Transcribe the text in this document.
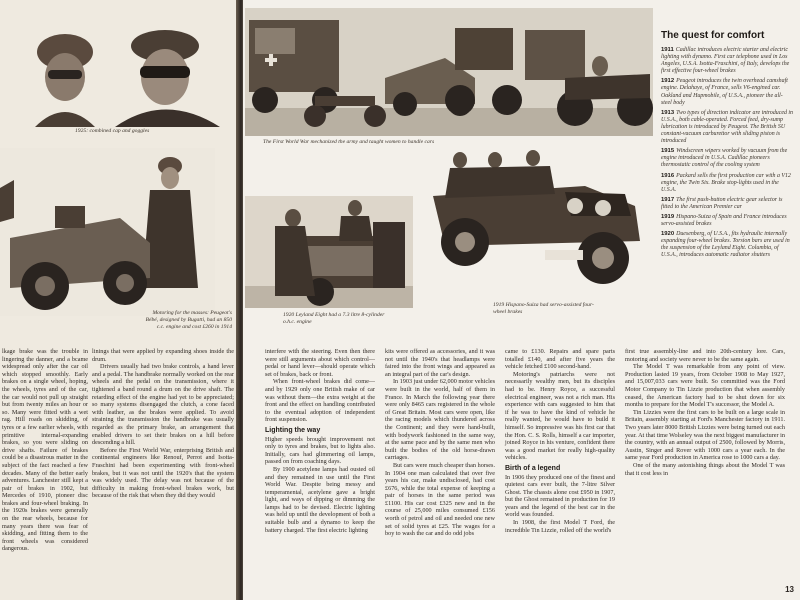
1925: combined cap and goggles
Motoring for the masses: Peugeot's Bébé, designed by Bugatti, had an 850 c.c. engine and cost £260 in 1914

lkage brake was the trouble in lingering the danner, and a bcame widespread only after the car oil which stopped smoothly. Early brakes on a single wheel, hoping, the wheels, tyres and of the car, the car would not pull up straight but from twenty miles an hour or so. Many were fitted with a wet rag. Hill roads on skidding, of tyres or a few earlier wheels, with primitive internal-expanding brakes, so you were sliding on drive shafts. Failure of brakes could be a disastrous matter in the subject of the fact reached a few decades. Many of the better early adventures. Lanchester still kept a pair of brakes in 1902, but Mercedes of 1910, pioneer disc brakes and four-wheel braking. In the 1920s brakes were generally on the rear wheels, because for many years there was fear of skidding, and fitting them to the front wheels was considered dangerous.

linings that were applied by expanding shoes inside the drum.

Drivers usually had two brake controls, a hand lever and a pedal. The handbrake normally worked on the rear wheels and the pedal on the transmission, where it tightened a band round a drum on the drive shaft. The retarding effect of the engine had yet to be appreciated; so many systems disengaged the clutch, a cone faced with leather, as the brakes were applied. To avoid straining the transmission the handbrake was usually regarded as the primary brake, an arrangement that enabled drivers to set their brakes on a hill before descending a hill.

Before the First World War, enterprising British and continental engineers like Renouf, Perrot and Isotta-Fraschini had been experimenting with front-wheel brakes, but it was not until the 1920's that the system was widely used. The delay was not because of the difficulty in making front-wheel brakes work, but because of the risk that when they did they would

The First World War mechanized the army and taught women to handle cars
1920 Leyland Eight had a 7.3 litre 8-cylinder o.h.c. engine
1919 Hispano-Suiza had servo-assisted four-wheel brakes

interfere with the steering. Even then there were still arguments about which control—pedal or hand lever—should operate which set of brakes, back or front.

When front-wheel brakes did come—and by 1929 only one British make of car was without them—the extra weight at the front and the effect on handling contributed to the eventual adoption of independent front suspension.

Lighting the way

Higher speeds brought improvement not only to tyres and brakes, but to lights also. Initially, cars had glimmering oil lamps, passed on from coaching days.

By 1900 acetylene lamps had ousted oil and they remained in use until the First World War. Despite being messy and temperamental, acetylene gave a bright light, and ways of dipping or dimming the lamps had to be devised. Electric lighting was held up until the development of both a suitable bulb and a dynamo to keep the battery charged. The first electric lighting

kits were offered as accessories, and it was not until the 1940's that headlamps were faired into the front wings and appeared as an integral part of the car's design.

In 1903 just under 62,000 motor vehicles were built in the world, half of them in France. In March the following year there were only 8465 cars registered in the whole of Great Britain. Most cars were open, like the racing models which thundered across the Continent; and they were hand-built, with bodywork fashioned in the same way, at the same pace and by the same men who built the bodies of the old horse-drawn carriages.

But cars were much cheaper than horses. In 1904 one man calculated that over five years his car, make undisclosed, had cost £676, while the total expense of keeping a pair of horses in the same period was £1100. His car cost £325 new and in the course of 25,000 miles consumed £156 worth of petrol and oil and needed one new set of solid tyres at £25. The wages for a boy to wash the car and do odd jobs

came to £130. Repairs and spare parts totalled £140, and after five years the vehicle fetched £100 second-hand.

Motoring's patriarchs were not necessarily wealthy men, but its disciples had to be. Henry Royce, a successful electrical engineer, was not a rich man. His experience with cars suggested to him that if he was to have the kind of vehicle he really wanted, he would have to build it himself. So impressive was his first car that the Hon. C. S. Rolls, himself a car importer, joined Royce in his venture, confident there was a good market for really high-quality vehicles.

Birth of a legend

In 1906 they produced one of the finest and quietest cars ever built, the 7-litre Silver Ghost. The chassis alone cost £950 in 1907, but the Ghost remained in production for 19 years and the legend of the best car in the world was founded.

In 1908, the first Model T Ford, the incredible Tin Lizzie, rolled off the world's

first true assembly-line and into 20th-century lore. Cars, motoring and society were never to be the same again.

The Model T was remarkable from any point of view. Production lasted 19 years, from October 1908 to May 1927, and 15,007,033 cars were built. So committed was the Ford Motor Company to Tin Lizzie production that when assembly ceased, the American factory had to be shut down for six months to prepare for the Model T's successor, the Model A.

Tin Lizzies were the first cars to be built on a large scale in Britain, assembly starting at Ford's Manchester factory in 1911. Two years later 8000 British Lizzies were being turned out each year. At that time Wolseley was the next biggest manufacturer in the country, with an annual output of 2500, followed by Morris, Austin, Singer and Rover with 1000 cars a year each. In the same year Ford production in America rose to 1000 cars a day.

One of the many astonishing things about the Model T was that it cost less in

13
The quest for comfort
1911 Cadillac introduces electric starter and electric lighting with dynamo. First car telephone used in Los Angeles, U.S.A. Isotta-Fraschini, of Italy, develops the first effective four-wheel brakes
1912 Peugeot introduces the twin overhead camshaft engine. Delahaye, of France, sells V6-engined car. Oakland and Hupmobile, of U.S.A., pioneer the all-steel body
1913 Two types of direction indicator are introduced in U.S.A., both cable-operated. Forced feed, dry-sump lubrication is introduced by Peugeot. The British SU constant-vacuum carburettor with sliding piston is introduced
1915 Windscreen wipers worked by vacuum from the engine introduced in U.S.A. Cadillac pioneers thermostatic control of the cooling system
1916 Packard sells the first production car with a V12 engine, the Twin Six. Brake stop-lights used in the U.S.A.
1917 The first push-button electric gear selector is fitted to the American Premier car
1919 Hispano-Suiza of Spain and France introduces servo-assisted brakes
1920 Duesenberg, of U.S.A., fits hydraulic internally expanding four-wheel brakes. Torsion bars are used in the suspension of the Leyland Eight. Columbia, of U.S.A., introduces automatic radiator shutters
